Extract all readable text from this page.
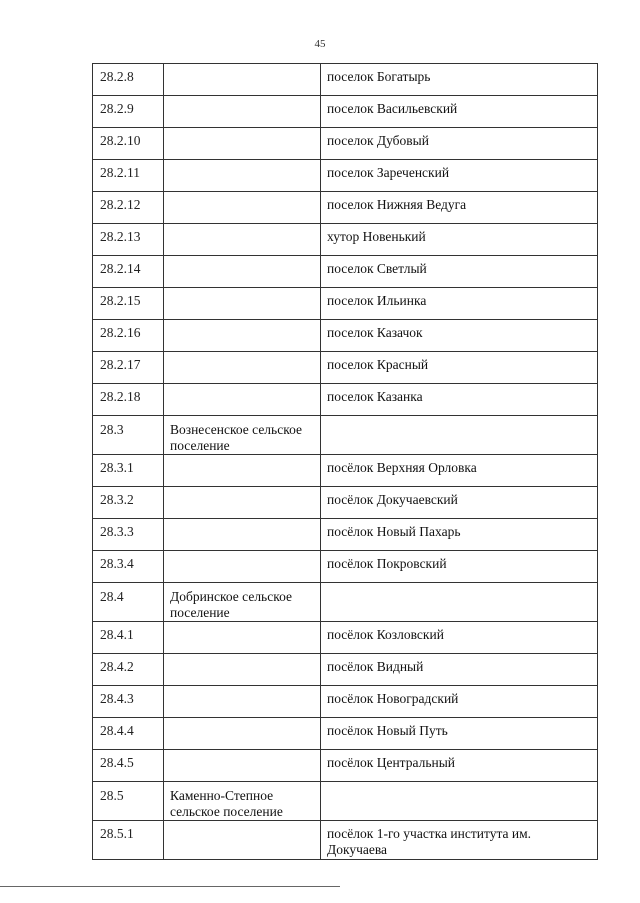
45
28.2.8		поселок Богатырь
28.2.9		поселок Васильевский
28.2.10		поселок Дубовый
28.2.11		поселок Зареченский
28.2.12		поселок Нижняя Ведуга
28.2.13		хутор Новенький
28.2.14		поселок Светлый
28.2.15		поселок Ильинка
28.2.16		поселок Казачок
28.2.17		поселок Красный
28.2.18		поселок Казанка
28.3	Вознесенское сельское поселение	
28.3.1		посёлок Верхняя Орловка
28.3.2		посёлок Докучаевский
28.3.3		посёлок Новый Пахарь
28.3.4		посёлок Покровский
28.4	Добринское сельское поселение	
28.4.1		посёлок Козловский
28.4.2		посёлок Видный
28.4.3		посёлок Новоградский
28.4.4		посёлок Новый Путь
28.4.5		посёлок Центральный
28.5	Каменно-Степное сельское поселение	
28.5.1		посёлок 1-го участка института им. Докучаева
